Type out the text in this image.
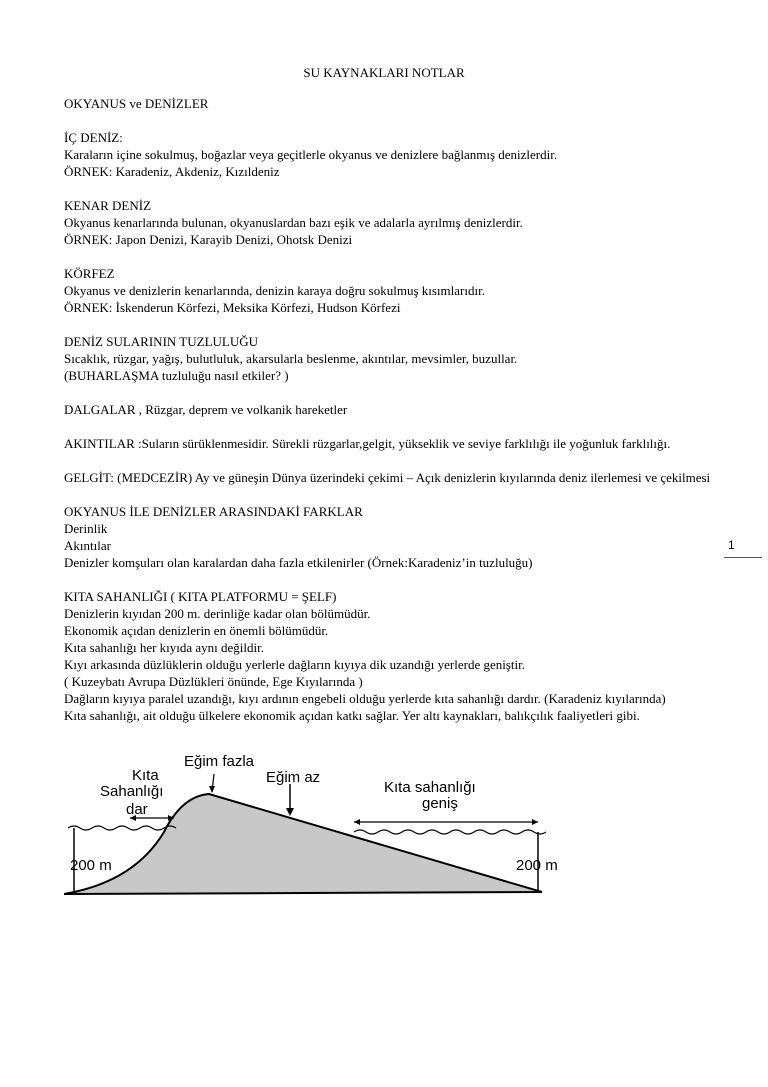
SU KAYNAKLARI NOTLAR
OKYANUS ve DENİZLER
İÇ DENİZ:
Karaların içine sokulmuş, boğazlar veya geçitlerle okyanus ve denizlere bağlanmış denizlerdir.
ÖRNEK: Karadeniz, Akdeniz, Kızıldeniz
KENAR DENİZ
Okyanus kenarlarında bulunan, okyanuslardan bazı eşik ve adalarla ayrılmış denizlerdir.
ÖRNEK: Japon Denizi, Karayib Denizi, Ohotsk Denizi
KÖRFEZ
Okyanus ve denizlerin kenarlarında, denizin karaya doğru sokulmuş kısımlarıdır.
ÖRNEK: İskenderun Körfezi, Meksika Körfezi, Hudson Körfezi
DENİZ SULARININ TUZLULUĞU
Sıcaklık, rüzgar, yağış, bulutluluk, akarsularla beslenme, akıntılar, mevsimler, buzullar.
(BUHARLAŞMA tuzluluğu nasıl etkiler? )
DALGALAR , Rüzgar, deprem ve volkanik hareketler
AKINTILAR :Suların sürüklenmesidir. Sürekli rüzgarlar,gelgit, yükseklik ve seviye farklılığı ile yoğunluk farklılığı.
GELGİT: (MEDCEZİR) Ay ve güneşin Dünya üzerindeki çekimi – Açık denizlerin kıyılarında deniz ilerlemesi ve çekilmesi
OKYANUS İLE DENİZLER ARASINDAKİ FARKLAR
Derinlik
Akıntılar
Denizler komşuları olan karalardan daha fazla etkilenirler (Örnek:Karadeniz’in tuzluluğu)
KITA SAHANLIĞI ( KITA PLATFORMU = ŞELF)
Denizlerin kıyıdan 200 m. derinliğe kadar olan bölümüdür.
Ekonomik açıdan denizlerin en önemli bölümüdür.
Kıta sahanlığı her kıyıda aynı değildir.
Kıyı arkasında düzlüklerin olduğu yerlerle dağların kıyıya dik uzandığı yerlerde geniştir.
( Kuzeybatı Avrupa Düzlükleri önünde, Ege Kıyılarında )
Dağların kıyıya paralel uzandığı, kıyı ardının engebeli olduğu yerlerde kıta sahanlığı dardır. (Karadeniz kıyılarında)
Kıta sahanlığı, ait olduğu ülkelere ekonomik açıdan katkı sağlar. Yer altı kaynakları, balıkçılık faaliyetleri gibi.
1
Eğim fazla
Eğim az
Kıta
Sahanlığı
dar
Kıta sahanlığı
geniş
200 m	200 m
